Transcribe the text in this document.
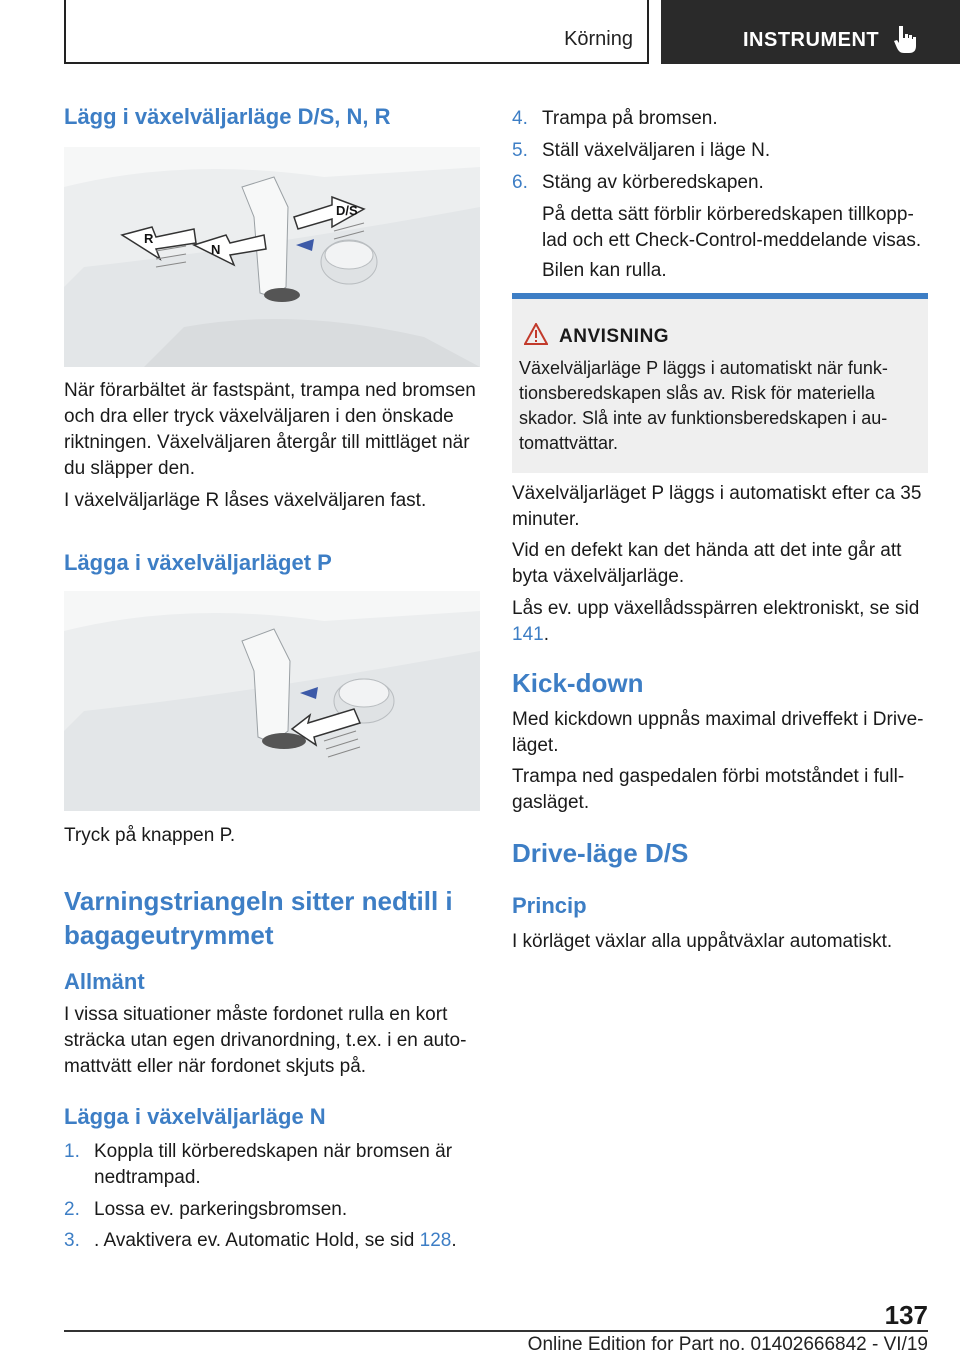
Körning	INSTRUMENT
Lägg i växelväljarläge D/S, N, R
D/S
R
N
När förarbältet är fastspänt, trampa ned bromsen och dra eller tryck växelväljaren i den önskade riktningen. Växelväljaren återgår till mittläget när du släpper den.
I växelväljarläge R låses växelväljaren fast.
Lägga i växelväljarläget P
Tryck på knappen P.
Varningstriangeln sitter nedtill i bagageutrymmet
Allmänt
I vissa situationer måste fordonet rulla en kort sträcka utan egen drivanordning, t.ex. i en automattvätt eller när fordonet skjuts på.
Lägga i växelväljarläge N
1. Koppla till körberedskapen när bromsen är nedtrampad.
2. Lossa ev. parkeringsbromsen.
3. . Avaktivera ev. Automatic Hold, se sid 128.
4. Trampa på bromsen.
5. Ställ växelväljaren i läge N.
6. Stäng av körberedskapen.
På detta sätt förblir körberedskapen tillkopplad och ett Check-Control-meddelande visas.
Bilen kan rulla.
ANVISNING
Växelväljarläge P läggs i automatiskt när funktionsberedskapen slås av. Risk för materiella skador. Slå inte av funktionsberedskapen i automattvättar.
Växelväljarläget P läggs i automatiskt efter ca 35 minuter.
Vid en defekt kan det hända att det inte går att byta växelväljarläge.
Lås ev. upp växellådsspärren elektroniskt, se sid 141.
Kick-down
Med kickdown uppnås maximal driveffekt i Drive-läget.
Trampa ned gaspedalen förbi motståndet i fullgasläget.
Drive-läge D/S
Princip
I körläget växlar alla uppåtväxlar automatiskt.
137
Online Edition for Part no. 01402666842 - VI/19
